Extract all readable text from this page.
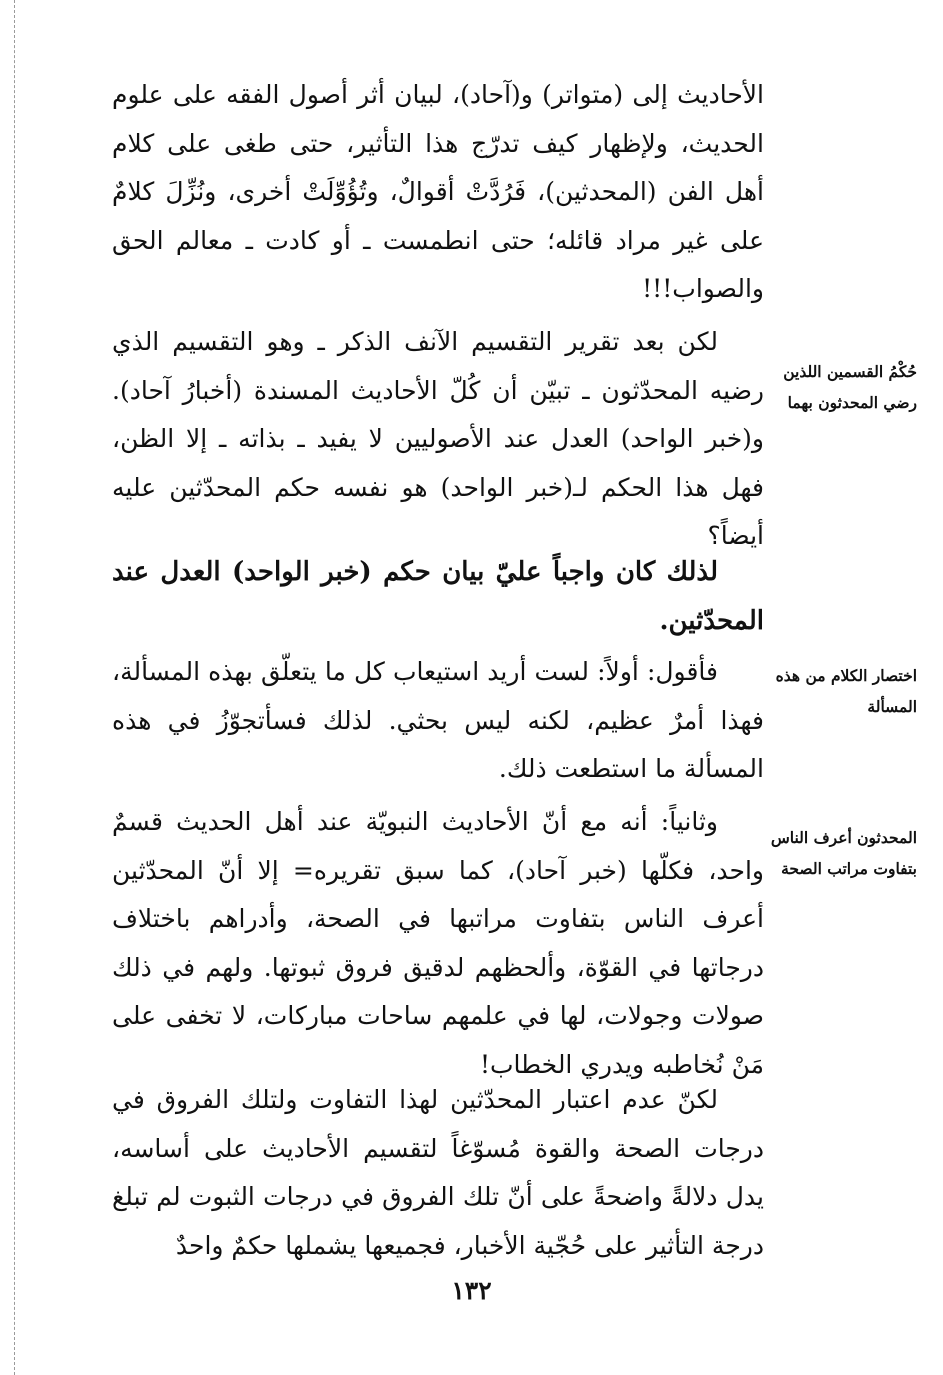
الأحاديث إلى (متواتر) و(آحاد)، لبيان أثر أصول الفقه على علوم الحديث، ولإظهار كيف تدرّج هذا التأثير، حتى طغى على كلام أهل الفن (المحدثين)، فَرُدَّتْ أقوالٌ، وتُؤُوِّلَتْ أخرى، ونُزِّلَ كلامٌ على غير مراد قائله؛ حتى انطمست ـ أو كادت ـ معالم الحق والصواب!!!

لكن بعد تقرير التقسيم الآنف الذكر ـ وهو التقسيم الذي رضيه المحدّثون ـ تبيّن أن كُلّ الأحاديث المسندة (أخبارُ آحاد). و(خبر الواحد) العدل عند الأصوليين لا يفيد ـ بذاته ـ إلا الظن، فهل هذا الحكم لـ(خبر الواحد) هو نفسه حكم المحدّثين عليه أيضاً؟

لذلك كان واجباً عليّ بيان حكم (خبر الواحد) العدل عند المحدّثين.

فأقول: أولاً: لست أريد استيعاب كل ما يتعلّق بهذه المسألة، فهذا أمرٌ عظيم، لكنه ليس بحثي. لذلك فسأتجوّزُ في هذه المسألة ما استطعت ذلك.

وثانياً: أنه مع أنّ الأحاديث النبويّة عند أهل الحديث قسمٌ واحد، فكلّها (خبر آحاد)، كما سبق تقريره= إلا أنّ المحدّثين أعرف الناس بتفاوت مراتبها في الصحة، وأدراهم باختلاف درجاتها في القوّة، وألحظهم لدقيق فروق ثبوتها. ولهم في ذلك صولات وجولات، لها في علمهم ساحات مباركات، لا تخفى على مَنْ نُخاطبه ويدري الخطاب!

لكنّ عدم اعتبار المحدّثين لهذا التفاوت ولتلك الفروق في درجات الصحة والقوة مُسوّغاً لتقسيم الأحاديث على أساسه، يدل دلالةً واضحةً على أنّ تلك الفروق في درجات الثبوت لم تبلغ درجة التأثير على حُجّية الأخبار، فجميعها يشملها حكمٌ واحدٌ

حُكْمُ القسمين اللذين رضي المحدثون بهما
اختصار الكلام من هذه المسألة
المحدثون أعرف الناس بتفاوت مراتب الصحة
١٣٢
